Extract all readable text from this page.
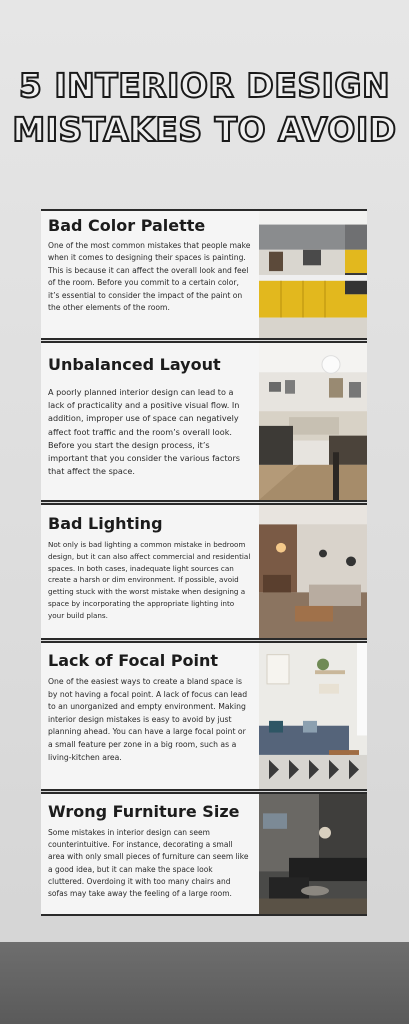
5 INTERIOR DESIGN
MISTAKES TO AVOID
Bad Color Palette

One of the most common mistakes that people make when it comes to designing their spaces is painting. This is because it can affect the overall look and feel of the room. Before you commit to a certain color, it’s essential to consider the impact of the paint on the other elements of the room.

Unbalanced Layout

A poorly planned interior design can lead to a lack of practicality and a positive visual flow. In addition, improper use of space can negatively affect foot traffic and the room’s overall look. Before you start the design process, it’s important that you consider the various factors that affect the space.

Bad Lighting

Not only is bad lighting a common mistake in bedroom design, but it can also affect commercial and residential spaces. In both cases, inadequate light sources can create a harsh or dim environment. If possible, avoid getting stuck with the worst mistake when designing a space by incorporating the appropriate lighting into your build plans.

Lack of Focal Point

One of the easiest ways to create a bland space is by not having a focal point. A lack of focus can lead to an unorganized and empty environment. Making interior design mistakes is easy to avoid by just planning ahead. You can have a large focal point or a small feature per zone in a big room, such as a living-kitchen area.

Wrong Furniture Size

Some mistakes in interior design can seem counterintuitive. For instance, decorating a small area with only small pieces of furniture can seem like a good idea, but it can make the space look cluttered. Overdoing it with too many chairs and sofas may take away the feeling of a large room.
